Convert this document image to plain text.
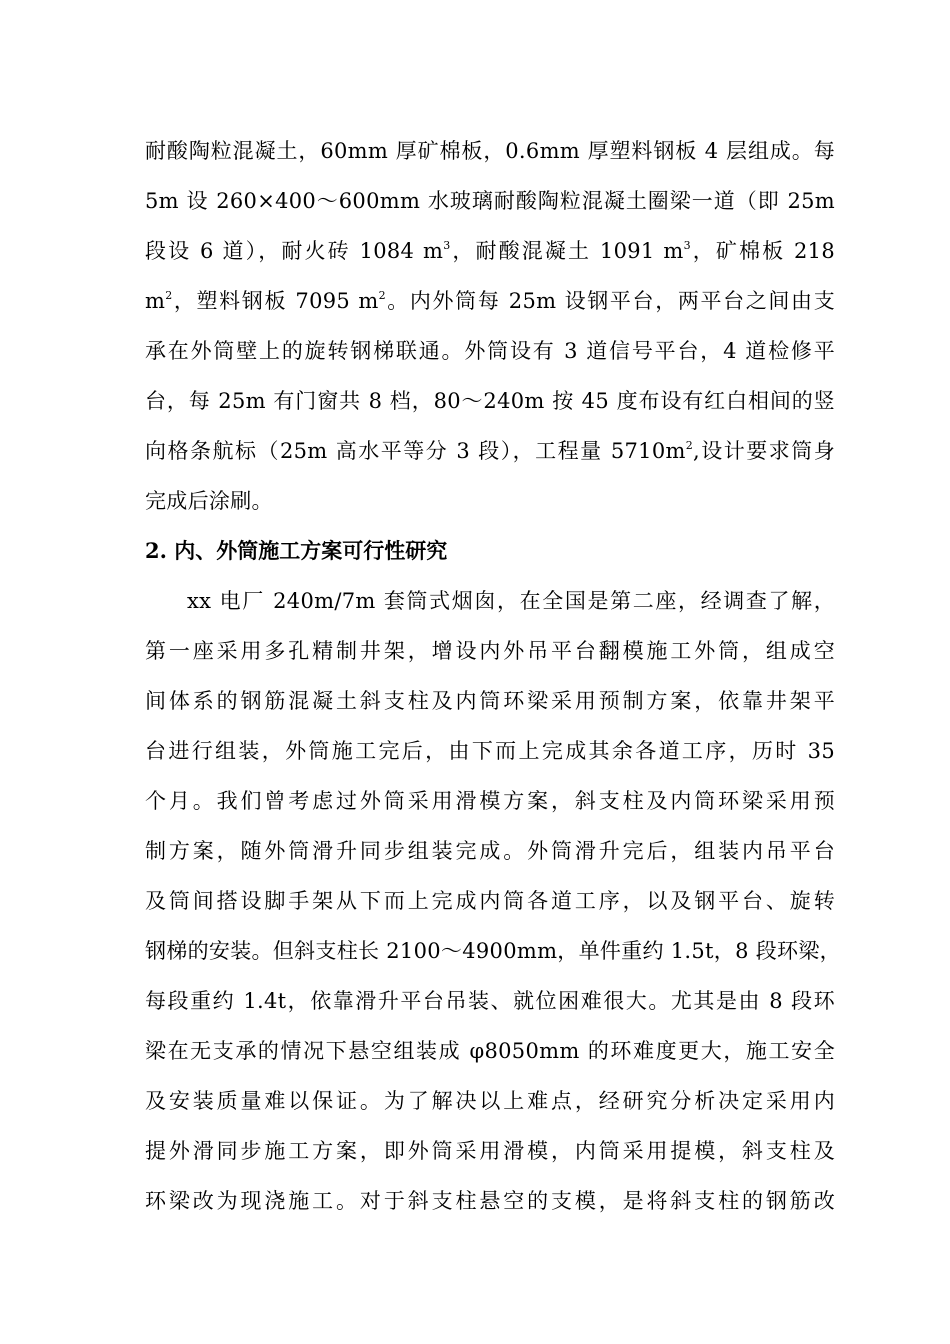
耐酸陶粒混凝土，60mm 厚矿棉板，0.6mm 厚塑料钢板 4 层组成。每
5m 设 260×400～600mm 水玻璃耐酸陶粒混凝土圈梁一道（即 25m
段设 6 道），耐火砖 1084 $m^3$，耐酸混凝土 1091 $m^3$，矿棉板 218
$m^2$，塑料钢板 7095 $m^2$。内外筒每 25m 设钢平台，两平台之间由支
承在外筒壁上的旋转钢梯联通。外筒设有 3 道信号平台，4 道检修平
台，每 25m 有门窗共 8 档，80～240m 按 45 度布设有红白相间的竖
向格条航标（25m 高水平等分 3 段），工程量 $5710m^2$,设计要求筒身
完成后涂刷。
2. 内、外筒施工方案可行性研究
xx 电厂 240m/7m 套筒式烟囱，在全国是第二座，经调查了解，
第一座采用多孔精制井架，增设内外吊平台翻模施工外筒，组成空
间体系的钢筋混凝土斜支柱及内筒环梁采用预制方案，依靠井架平
台进行组装，外筒施工完后，由下而上完成其余各道工序，历时 35
个月。我们曾考虑过外筒采用滑模方案，斜支柱及内筒环梁采用预
制方案，随外筒滑升同步组装完成。外筒滑升完后，组装内吊平台
及筒间搭设脚手架从下而上完成内筒各道工序，以及钢平台、旋转
钢梯的安装。但斜支柱长 2100～4900mm，单件重约 1.5t，8 段环梁，
每段重约 1.4t，依靠滑升平台吊装、就位困难很大。尤其是由 8 段环
梁在无支承的情况下悬空组装成 φ8050mm 的环难度更大，施工安全
及安装质量难以保证。为了解决以上难点，经研究分析决定采用内
提外滑同步施工方案，即外筒采用滑模，内筒采用提模，斜支柱及
环梁改为现浇施工。对于斜支柱悬空的支模，是将斜支柱的钢筋改
